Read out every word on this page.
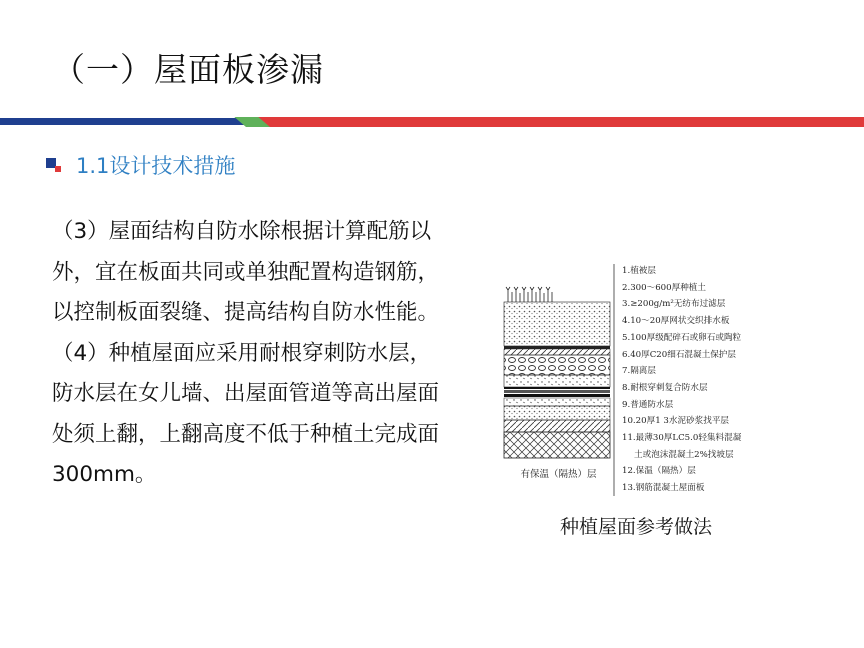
（一）屋面板渗漏
1.1设计技术措施

（3）屋面结构自防水除根据计算配筋以外，宜在板面共同或单独配置构造钢筋，以控制板面裂缝、提高结构自防水性能。

（4）种植屋面应采用耐根穿刺防水层，防水层在女儿墙、出屋面管道等高出屋面处须上翻，上翻高度不低于种植土完成面300mm。	有保温（隔热）层
1.植被层
2.300～600厚种植土
3.≥200g/m²无纺布过滤层
4.10～20厚网状交织排水板
5.100厚级配碎石或卵石或陶粒
6.40厚C20细石混凝土保护层
7.隔离层
8.耐根穿刺复合防水层
9.普通防水层
10.20厚1 3水泥砂浆找平层
11.最薄30厚LC5.0轻集料混凝
土或泡沫混凝土2%找坡层
12.保温（隔热）层
13.钢筋混凝土屋面板
种植屋面参考做法
